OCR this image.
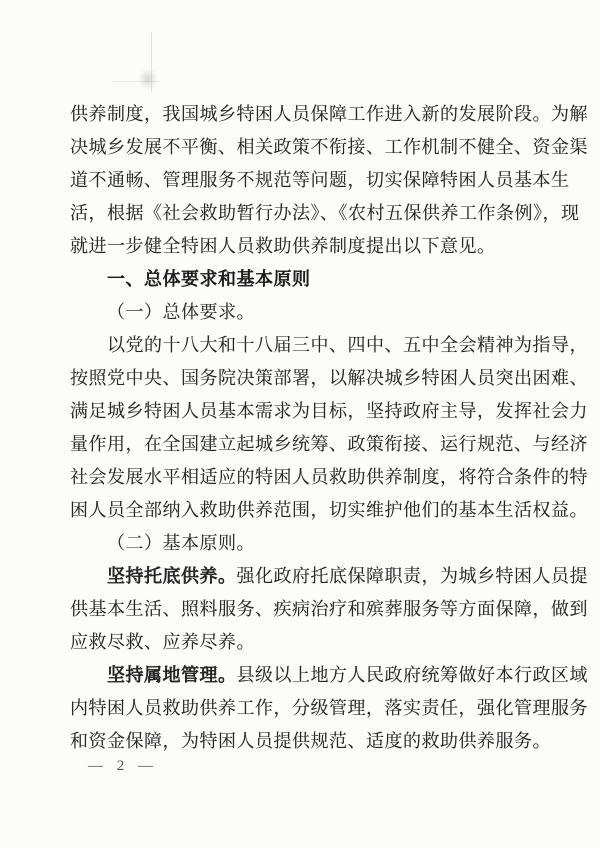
供养制度，我国城乡特困人员保障工作进入新的发展阶段。为解
决城乡发展不平衡、相关政策不衔接、工作机制不健全、资金渠
道不通畅、管理服务不规范等问题，切实保障特困人员基本生
活，根据《社会救助暂行办法》、《农村五保供养工作条例》，现
就进一步健全特困人员救助供养制度提出以下意见。
一、总体要求和基本原则
（一）总体要求。
以党的十八大和十八届三中、四中、五中全会精神为指导，
按照党中央、国务院决策部署，以解决城乡特困人员突出困难、
满足城乡特困人员基本需求为目标，坚持政府主导，发挥社会力
量作用，在全国建立起城乡统筹、政策衔接、运行规范、与经济
社会发展水平相适应的特困人员救助供养制度，将符合条件的特
困人员全部纳入救助供养范围，切实维护他们的基本生活权益。
（二）基本原则。
坚持托底供养。强化政府托底保障职责，为城乡特困人员提
供基本生活、照料服务、疾病治疗和殡葬服务等方面保障，做到
应救尽救、应养尽养。
坚持属地管理。县级以上地方人民政府统筹做好本行政区域
内特困人员救助供养工作，分级管理，落实责任，强化管理服务
和资金保障，为特困人员提供规范、适度的救助供养服务。
— 2 —
